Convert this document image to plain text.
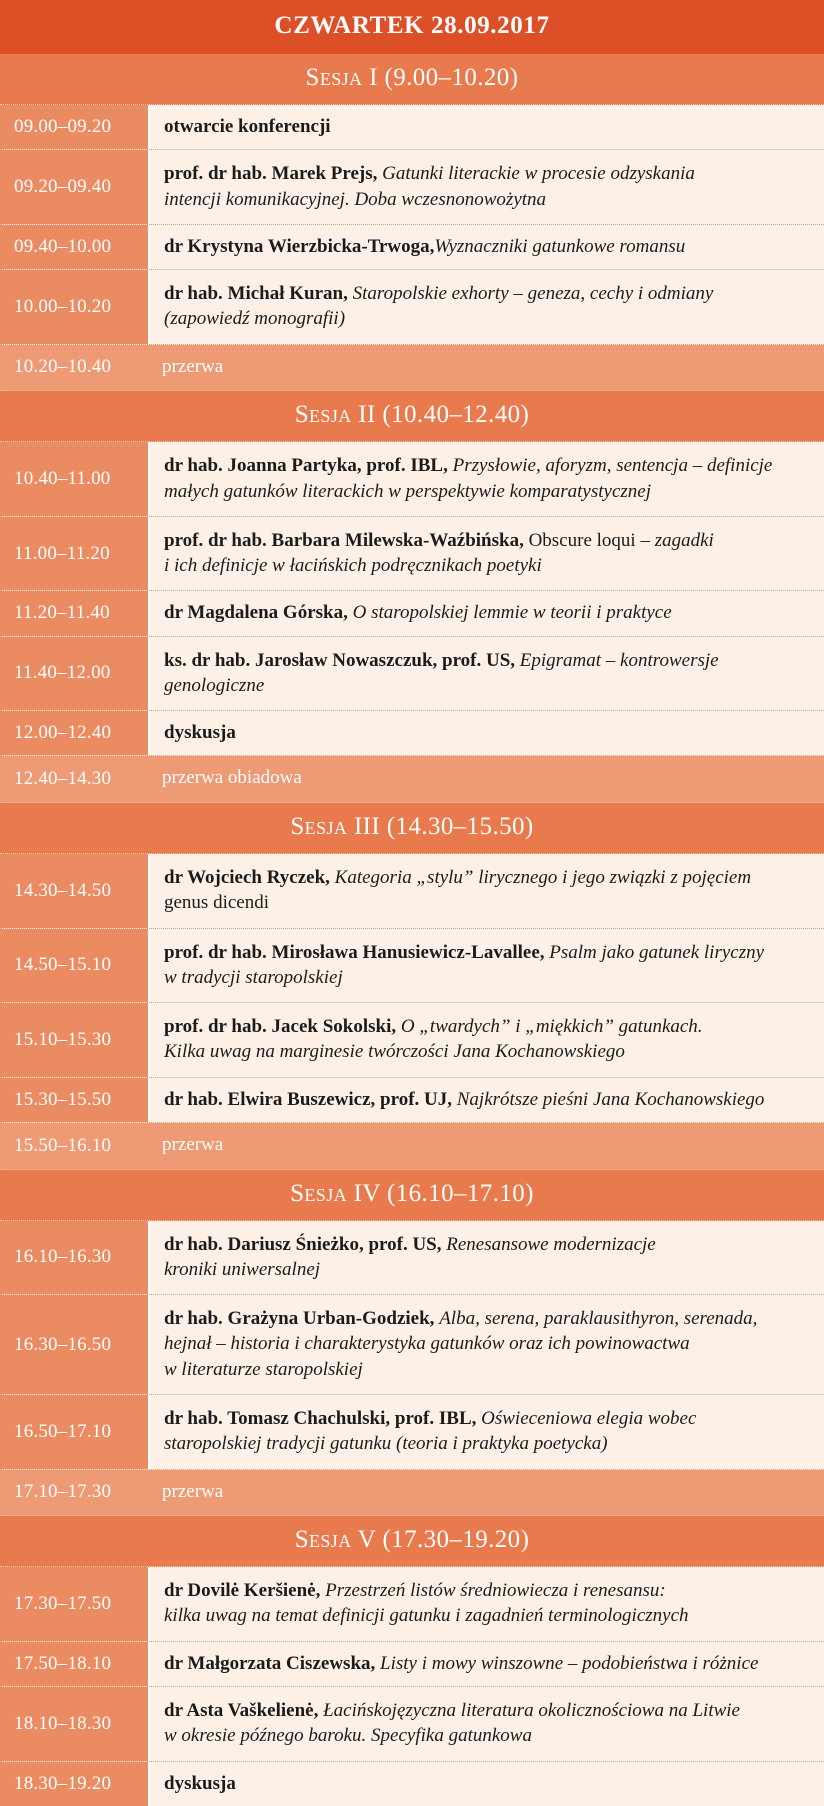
CZWARTEK 28.09.2017
Sesja I (9.00–10.20)
09.00–09.20	otwarcie konferencji
09.20–09.40
prof. dr hab. Marek Prejs, Gatunki literackie w procesie odzyskania
intencji komunikacyjnej. Doba wczesnonowożytna
09.40–10.00	dr Krystyna Wierzbicka-Trwoga,Wyznaczniki gatunkowe romansu
10.00–10.20
dr hab. Michał Kuran, Staropolskie exhorty – geneza, cechy i odmiany
(zapowiedź monografii)
10.20–10.40	przerwa
Sesja II (10.40–12.40)
10.40–11.00
dr hab. Joanna Partyka, prof. IBL, Przysłowie, aforyzm, sentencja – definicje
małych gatunków literackich w perspektywie komparatystycznej
11.00–11.20
prof. dr hab. Barbara Milewska-Waźbińska, Obscure loqui – zagadki
i ich definicje w łacińskich podręcznikach poetyki
11.20–11.40	dr Magdalena Górska, O staropolskiej lemmie w teorii i praktyce
11.40–12.00
ks. dr hab. Jarosław Nowaszczuk, prof. US, Epigramat – kontrowersje
genologiczne
12.00–12.40	dyskusja
12.40–14.30	przerwa obiadowa
Sesja III (14.30–15.50)
14.30–14.50
dr Wojciech Ryczek, Kategoria „stylu” lirycznego i jego związki z pojęciem
genus dicendi
14.50–15.10
prof. dr hab. Mirosława Hanusiewicz-Lavallee, Psalm jako gatunek liryczny
w tradycji staropolskiej
15.10–15.30
prof. dr hab. Jacek Sokolski, O „twardych” i „miękkich” gatunkach.
Kilka uwag na marginesie twórczości Jana Kochanowskiego
15.30–15.50	dr hab. Elwira Buszewicz, prof. UJ, Najkrótsze pieśni Jana Kochanowskiego
15.50–16.10	przerwa
Sesja IV (16.10–17.10)
16.10–16.30
dr hab. Dariusz Śnieżko, prof. US, Renesansowe modernizacje
kroniki uniwersalnej
16.30–16.50
dr hab. Grażyna Urban-Godziek, Alba, serena, paraklausithyron, serenada,
hejnał – historia i charakterystyka gatunków oraz ich powinowactwa
w literaturze staropolskiej
16.50–17.10
dr hab. Tomasz Chachulski, prof. IBL, Oświeceniowa elegia wobec
staropolskiej tradycji gatunku (teoria i praktyka poetycka)
17.10–17.30	przerwa
Sesja V (17.30–19.20)
17.30–17.50
dr Dovilė Keršienė, Przestrzeń listów średniowiecza i renesansu:
kilka uwag na temat definicji gatunku i zagadnień terminologicznych
17.50–18.10	dr Małgorzata Ciszewska, Listy i mowy winszowne – podobieństwa i różnice
18.10–18.30
dr Asta Vaškelienė, Łacińskojęzyczna literatura okolicznościowa na Litwie
w okresie późnego baroku. Specyfika gatunkowa
18.30–19.20	dyskusja
